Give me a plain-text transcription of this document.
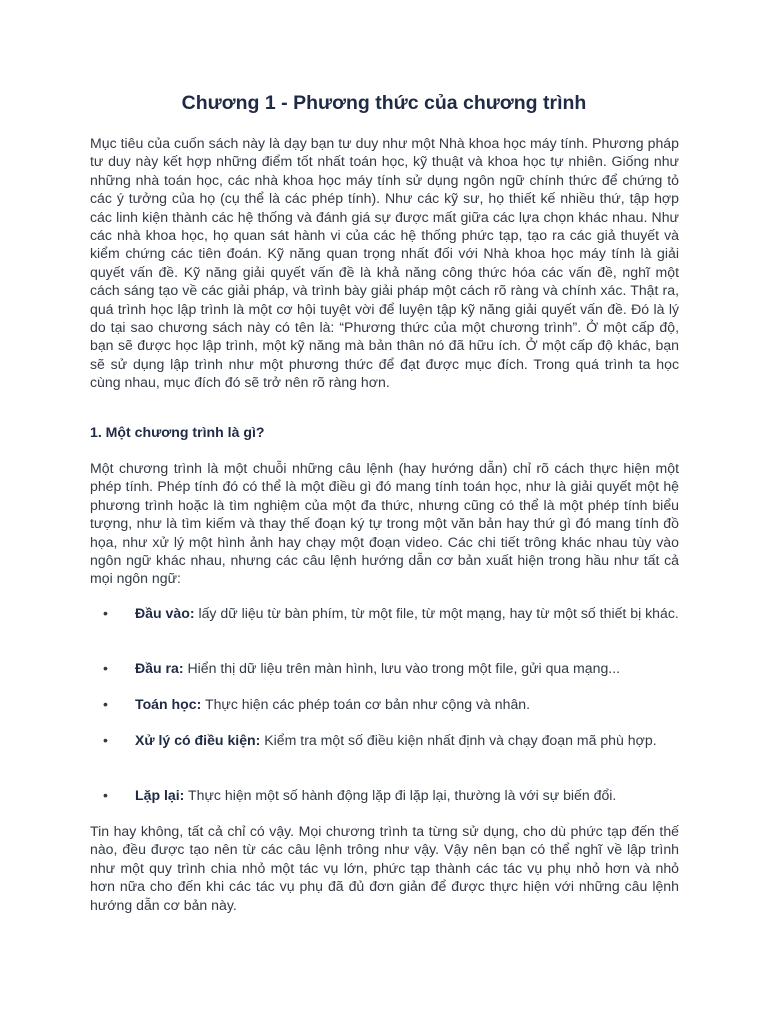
Chương 1 - Phương thức của chương trình

Mục tiêu của cuốn sách này là dạy bạn tư duy như một Nhà khoa học máy tính. Phương pháp tư duy này kết hợp những điểm tốt nhất toán học, kỹ thuật và khoa học tự nhiên. Giống như những nhà toán học, các nhà khoa học máy tính sử dụng ngôn ngữ chính thức để chứng tỏ các ý tưởng của họ (cụ thể là các phép tính). Như các kỹ sư, họ thiết kế nhiều thứ, tập hợp các linh kiện thành các hệ thống và đánh giá sự được mất giữa các lựa chọn khác nhau. Như các nhà khoa học, họ quan sát hành vi của các hệ thống phức tạp, tạo ra các giả thuyết và kiểm chứng các tiên đoán. Kỹ năng quan trọng nhất đối với Nhà khoa học máy tính là giải quyết vấn đề. Kỹ năng giải quyết vấn đề là khả năng công thức hóa các vấn đề, nghĩ một cách sáng tạo về các giải pháp, và trình bày giải pháp một cách rõ ràng và chính xác. Thật ra, quá trình học lập trình là một cơ hội tuyệt vời để luyện tập kỹ năng giải quyết vấn đề. Đó là lý do tại sao chương sách này có tên là: “Phương thức của một chương trình”. Ở một cấp độ, bạn sẽ được học lập trình, một kỹ năng mà bản thân nó đã hữu ích. Ở một cấp độ khác, bạn sẽ sử dụng lập trình như một phương thức để đạt được mục đích. Trong quá trình ta học cùng nhau, mục đích đó sẽ trở nên rõ ràng hơn.

1. Một chương trình là gì?

Một chương trình là một chuỗi những câu lệnh (hay hướng dẫn) chỉ rõ cách thực hiện một phép tính. Phép tính đó có thể là một điều gì đó mang tính toán học, như là giải quyết một hệ phương trình hoặc là tìm nghiệm của một đa thức, nhưng cũng có thể là một phép tính biểu tượng, như là tìm kiếm và thay thế đoạn ký tự trong một văn bản hay thứ gì đó mang tính đồ họa, như xử lý một hình ảnh hay chạy một đoạn video. Các chi tiết trông khác nhau tùy vào ngôn ngữ khác nhau, nhưng các câu lệnh hướng dẫn cơ bản xuất hiện trong hầu như tất cả mọi ngôn ngữ:

• Đầu vào: lấy dữ liệu từ bàn phím, từ một file, từ một mạng, hay từ một số thiết bị khác.
• Đầu ra: Hiển thị dữ liệu trên màn hình, lưu vào trong một file, gửi qua mạng...
• Toán học: Thực hiện các phép toán cơ bản như cộng và nhân.
• Xử lý có điều kiện: Kiểm tra một số điều kiện nhất định và chạy đoạn mã phù hợp.
• Lặp lại: Thực hiện một số hành động lặp đi lặp lại, thường là với sự biến đổi.

Tin hay không, tất cả chỉ có vậy. Mọi chương trình ta từng sử dụng, cho dù phức tạp đến thế nào, đều được tạo nên từ các câu lệnh trông như vậy. Vậy nên bạn có thể nghĩ về lập trình như một quy trình chia nhỏ một tác vụ lớn, phức tạp thành các tác vụ phụ nhỏ hơn và nhỏ hơn nữa cho đến khi các tác vụ phụ đã đủ đơn giản để được thực hiện với những câu lệnh hướng dẫn cơ bản này.
